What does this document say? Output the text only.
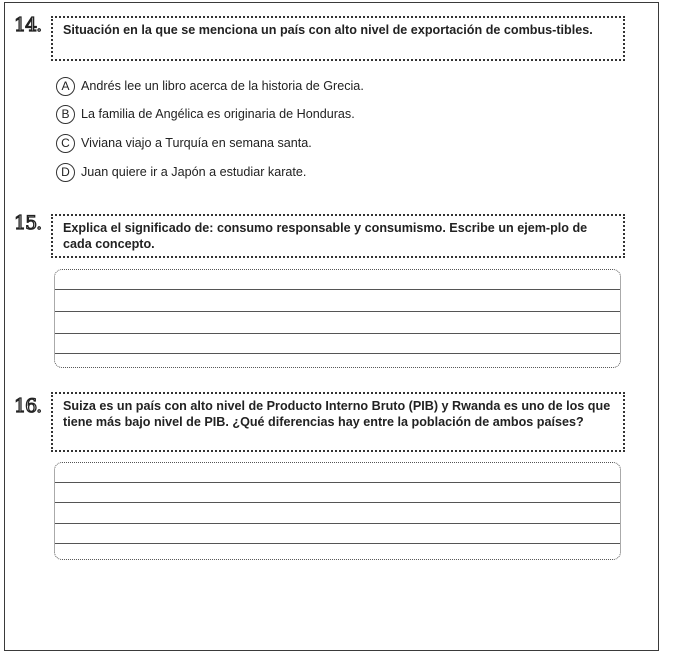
14.	Situación en la que se menciona un país con alto nivel de exportación de combus-tibles.
A Andrés lee un libro acerca de la historia de Grecia.
B La familia de Angélica es originaria de Honduras.
C Viviana viajo a Turquía en semana santa.
D Juan quiere ir a Japón a estudiar karate.
15.	Explica el significado de: consumo responsable y consumismo. Escribe un ejem-plo de cada concepto.
16.	Suiza es un país con alto nivel de Producto Interno Bruto (PIB) y Rwanda es uno de los que tiene más bajo nivel de PIB. ¿Qué diferencias hay entre la población de ambos países?
